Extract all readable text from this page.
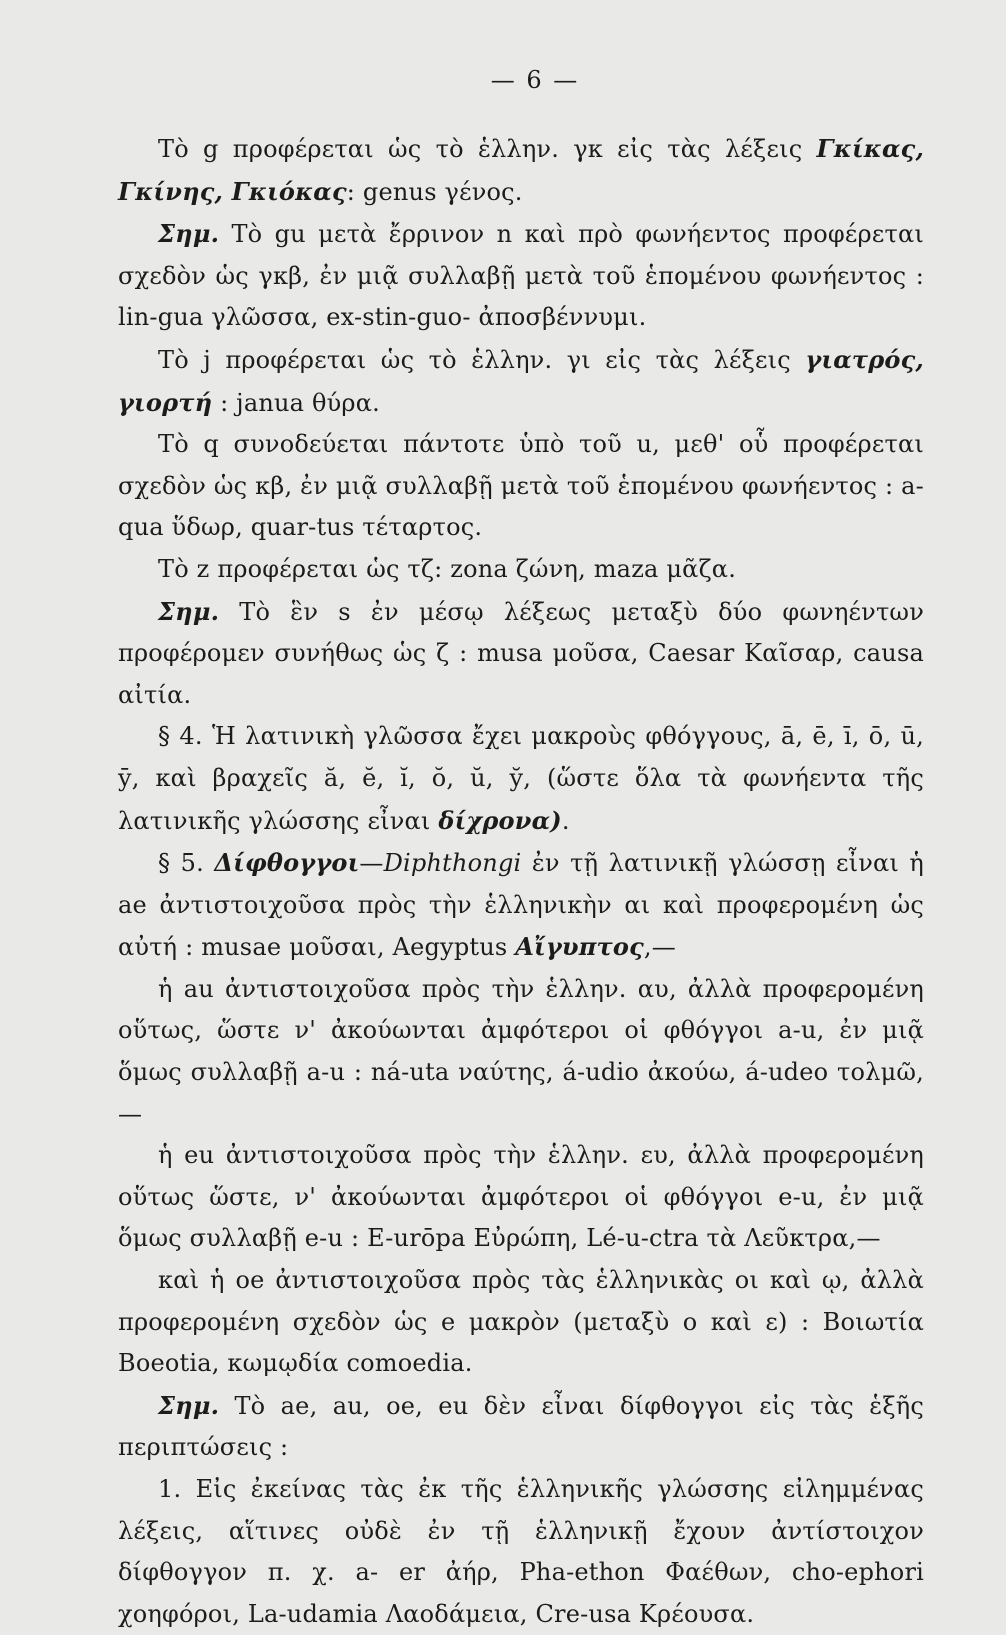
— 6 —

Τὸ g προφέρεται ὡς τὸ ἑλλην. γκ εἰς τὰς λέξεις Γκίκας, Γκίνης, Γκιόκας: genus γένος.

Σημ. Τὸ gu μετὰ ἔρρινον n καὶ πρὸ φωνήεντος προφέρεται σχεδὸν ὡς γκβ, ἐν μιᾷ συλλαβῇ μετὰ τοῦ ἑπομένου φωνήεντος : lin-gua γλῶσσα, ex-stin-guo- ἀποσβέννυμι.

Τὸ j προφέρεται ὡς τὸ ἑλλην. γι εἰς τὰς λέξεις γιατρός, γιορτή : janua θύρα.

Τὸ q συνοδεύεται πάντοτε ὑπὸ τοῦ u, μεθ' οὗ προφέρεται σχεδὸν ὡς κβ, ἐν μιᾷ συλλαβῇ μετὰ τοῦ ἑπομένου φωνήεντος : a-qua ὕδωρ, quar-tus τέταρτος.

Τὸ z προφέρεται ὡς τζ: zona ζώνη, maza μᾶζα.

Σημ. Τὸ ἓν s ἐν μέσῳ λέξεως μεταξὺ δύο φωνηέντων προφέρομεν συνήθως ὡς ζ : musa μοῦσα, Caesar Καῖσαρ, causa αἰτία.

§ 4. Ἡ λατινικὴ γλῶσσα ἔχει μακροὺς φθόγγους, ā, ē, ī, ō, ū, ȳ, καὶ βραχεῖς ă, ĕ, ĭ, ŏ, ŭ, y̆, (ὥστε ὅλα τὰ φωνήεντα τῆς λατινικῆς γλώσσης εἶναι δίχρονα).

§ 5. Δίφθογγοι—Diphthongi ἐν τῇ λατινικῇ γλώσσῃ εἶναι ἡ ae ἀντιστοιχοῦσα πρὸς τὴν ἑλληνικὴν αι καὶ προφερομένη ὡς αὐτή : musae μοῦσαι, Aegyptus Αἴγυπτος,—

ἡ au ἀντιστοιχοῦσα πρὸς τὴν ἑλλην. αυ, ἀλλὰ προφερομένη οὕτως, ὥστε ν' ἀκούωνται ἀμφότεροι οἱ φθόγγοι a-u, ἐν μιᾷ ὅμως συλλαβῇ a-u : ná-uta ναύτης, á-udio ἀκούω, á-udeo τολμῶ,—

ἡ eu ἀντιστοιχοῦσα πρὸς τὴν ἑλλην. ευ, ἀλλὰ προφερομένη οὕτως ὥστε, ν' ἀκούωνται ἀμφότεροι οἱ φθόγγοι e-u, ἐν μιᾷ ὅμως συλλαβῇ e-u : E-urōpa Εὐρώπη, Lé-u-ctra τὰ Λεῦκτρα,—

καὶ ἡ oe ἀντιστοιχοῦσα πρὸς τὰς ἑλληνικὰς οι καὶ ῳ, ἀλλὰ προφερομένη σχεδὸν ὡς e μακρὸν (μεταξὺ ο καὶ ε) : Βοιωτία Boeotia, κωμῳδία comoedia.

Σημ. Τὸ ae, au, oe, eu δὲν εἶναι δίφθογγοι εἰς τὰς ἑξῆς περιπτώσεις :

1. Εἰς ἐκείνας τὰς ἐκ τῆς ἑλληνικῆς γλώσσης εἰλημμένας λέξεις, αἵτινες οὐδὲ ἐν τῇ ἑλληνικῇ ἔχουν ἀντίστοιχον δίφθογγον π. χ. a- er ἀήρ, Pha-ethon Φαέθων, cho-ephori χοηφόροι, La-udamia Λαοδάμεια, Cre-usa Κρέουσα.
